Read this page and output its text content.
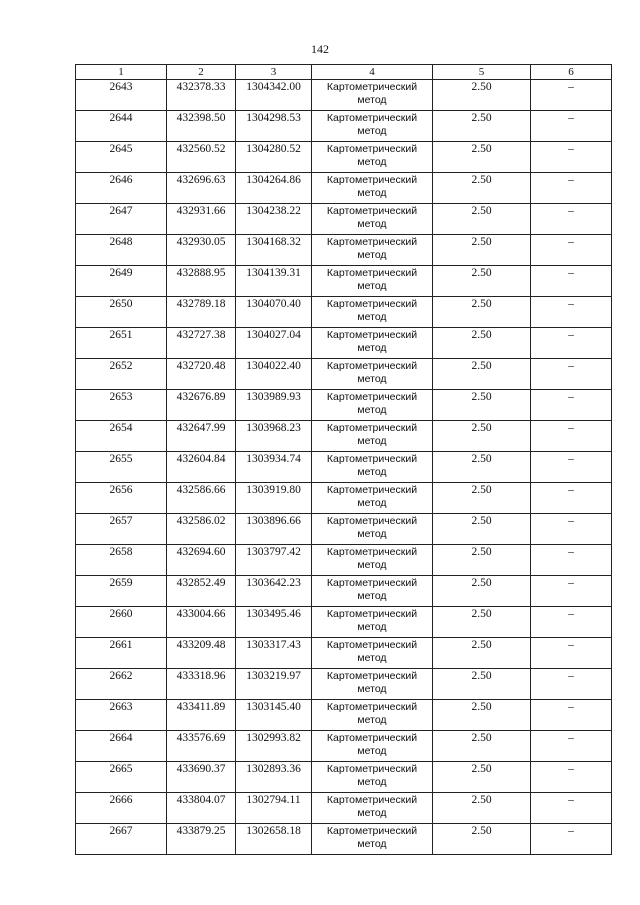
142
1	2	3	4	5	6
2643	432378.33	1304342.00	Картометрический метод	2.50	–
2644	432398.50	1304298.53	Картометрический метод	2.50	–
2645	432560.52	1304280.52	Картометрический метод	2.50	–
2646	432696.63	1304264.86	Картометрический метод	2.50	–
2647	432931.66	1304238.22	Картометрический метод	2.50	–
2648	432930.05	1304168.32	Картометрический метод	2.50	–
2649	432888.95	1304139.31	Картометрический метод	2.50	–
2650	432789.18	1304070.40	Картометрический метод	2.50	–
2651	432727.38	1304027.04	Картометрический метод	2.50	–
2652	432720.48	1304022.40	Картометрический метод	2.50	–
2653	432676.89	1303989.93	Картометрический метод	2.50	–
2654	432647.99	1303968.23	Картометрический метод	2.50	–
2655	432604.84	1303934.74	Картометрический метод	2.50	–
2656	432586.66	1303919.80	Картометрический метод	2.50	–
2657	432586.02	1303896.66	Картометрический метод	2.50	–
2658	432694.60	1303797.42	Картометрический метод	2.50	–
2659	432852.49	1303642.23	Картометрический метод	2.50	–
2660	433004.66	1303495.46	Картометрический метод	2.50	–
2661	433209.48	1303317.43	Картометрический метод	2.50	–
2662	433318.96	1303219.97	Картометрический метод	2.50	–
2663	433411.89	1303145.40	Картометрический метод	2.50	–
2664	433576.69	1302993.82	Картометрический метод	2.50	–
2665	433690.37	1302893.36	Картометрический метод	2.50	–
2666	433804.07	1302794.11	Картометрический метод	2.50	–
2667	433879.25	1302658.18	Картометрический метод	2.50	–
